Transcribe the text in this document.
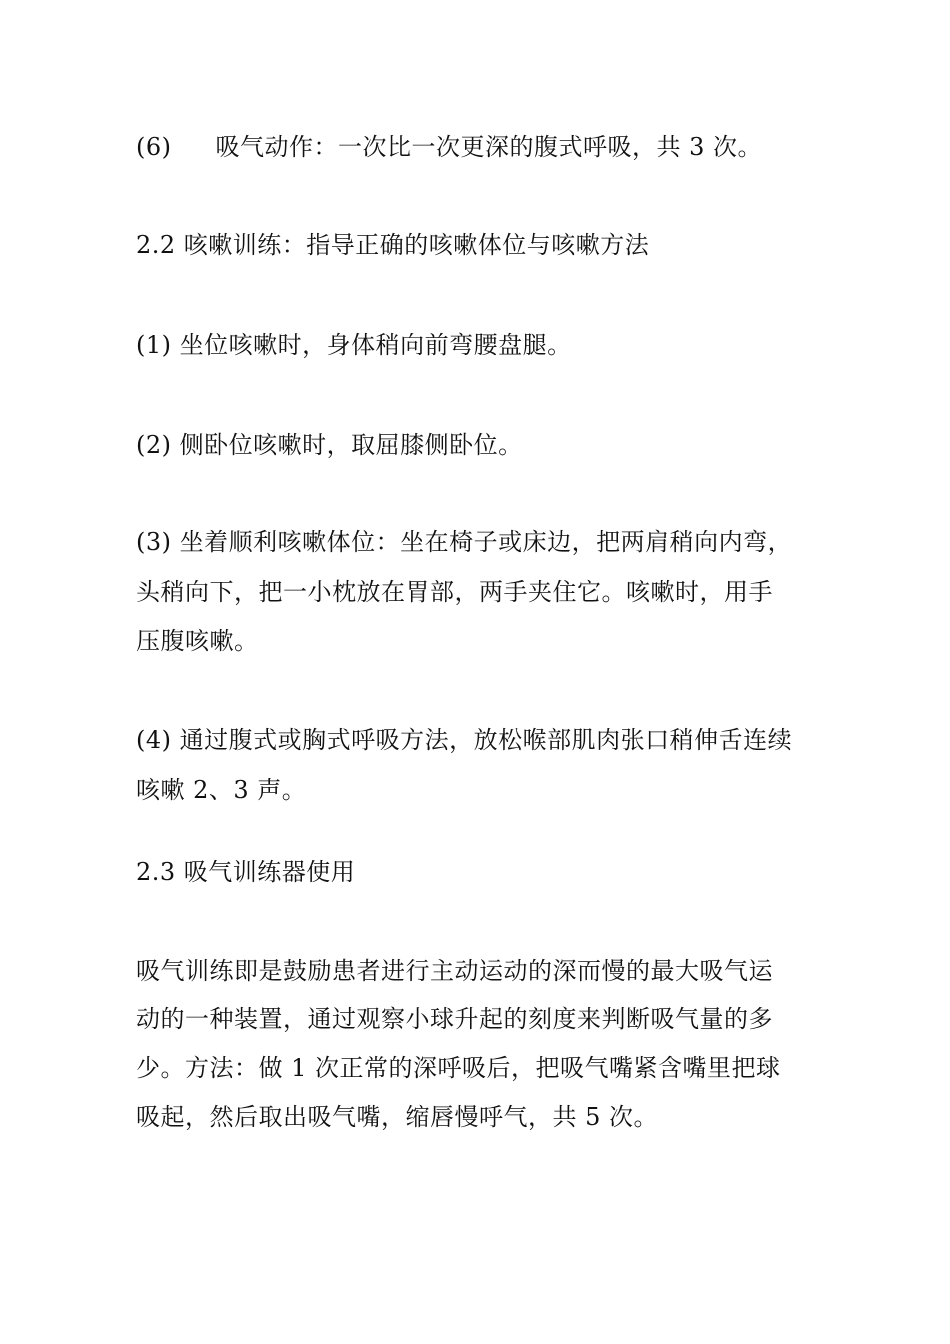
(6) 吸气动作：一次比一次更深的腹式呼吸，共 3 次。
2.2 咳嗽训练：指导正确的咳嗽体位与咳嗽方法
(1) 坐位咳嗽时，身体稍向前弯腰盘腿。
(2) 侧卧位咳嗽时，取屈膝侧卧位。
(3) 坐着顺利咳嗽体位：坐在椅子或床边，把两肩稍向内弯，
头稍向下，把一小枕放在胃部，两手夹住它。咳嗽时，用手
压腹咳嗽。
(4) 通过腹式或胸式呼吸方法，放松喉部肌肉张口稍伸舌连续
咳嗽 2、3 声。
2.3 吸气训练器使用
吸气训练即是鼓励患者进行主动运动的深而慢的最大吸气运
动的一种装置，通过观察小球升起的刻度来判断吸气量的多
少。方法：做 1 次正常的深呼吸后，把吸气嘴紧含嘴里把球
吸起，然后取出吸气嘴，缩唇慢呼气，共 5 次。
